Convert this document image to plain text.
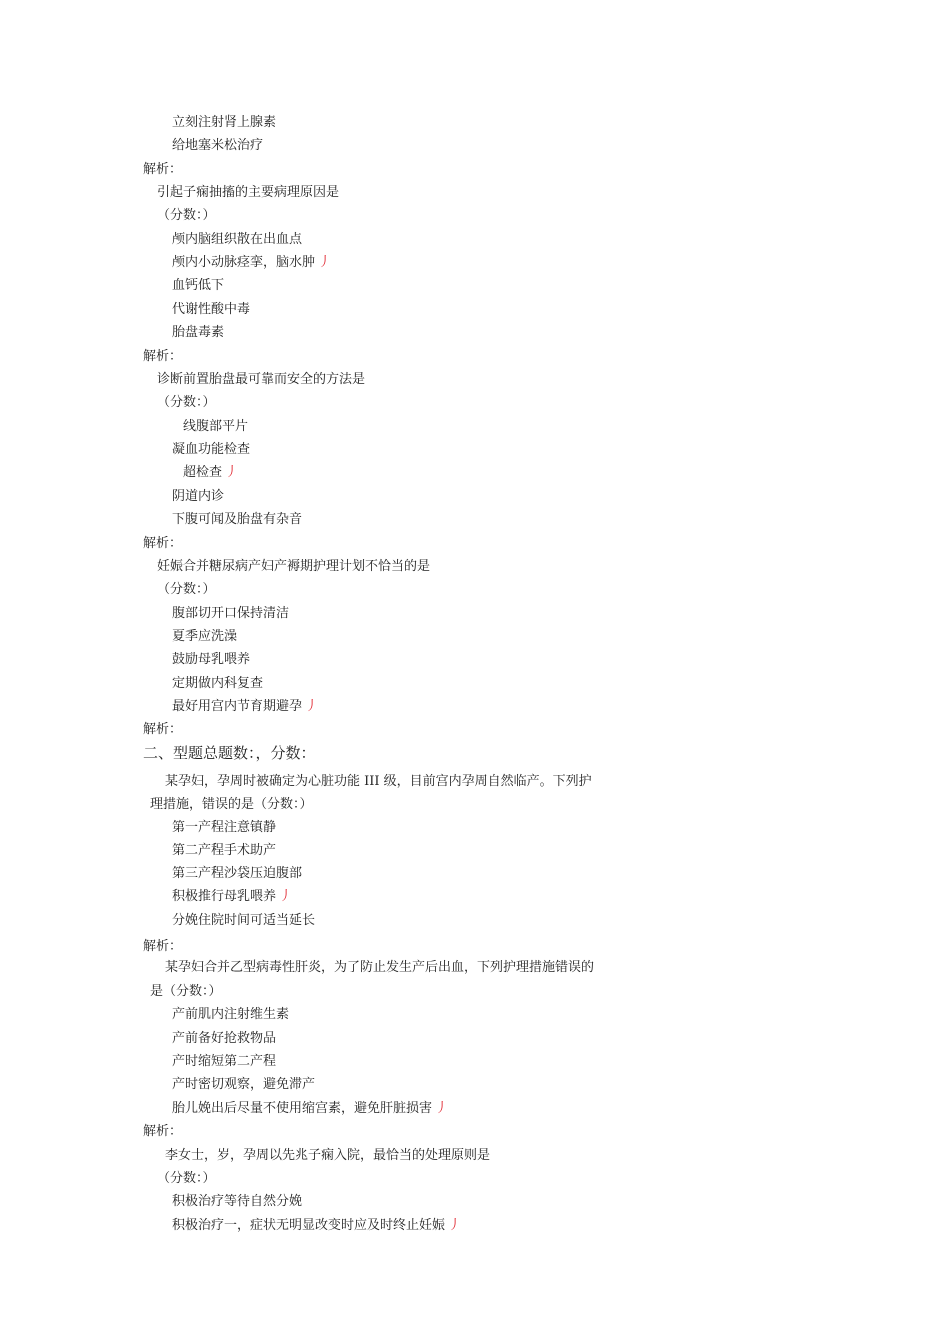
立刻注射肾上腺素
给地塞米松治疗
解析：
引起子痫抽搐的主要病理原因是
（分数：）
颅内脑组织散在出血点
颅内小动脉痉挛，脑水肿 丿
血钙低下
代谢性酸中毒
胎盘毒素
解析：
诊断前置胎盘最可靠而安全的方法是
（分数：）
线腹部平片
凝血功能检查
超检查 丿
阴道内诊
下腹可闻及胎盘有杂音
解析：
妊娠合并糖尿病产妇产褥期护理计划不恰当的是
（分数：）
腹部切开口保持清洁
夏季应洗澡
鼓励母乳喂养
定期做内科复查
最好用宫内节育期避孕 丿
解析：
二、型题总题数：，分数：
某孕妇，孕周时被确定为心脏功能 III 级，目前宫内孕周自然临产。下列护
理措施，错误的是（分数：）
第一产程注意镇静
第二产程手术助产
第三产程沙袋压迫腹部
积极推行母乳喂养 丿
分娩住院时间可适当延长
解析：
某孕妇合并乙型病毒性肝炎，为了防止发生产后出血，下列护理措施错误的
是（分数：）
产前肌内注射维生素
产前备好抢救物品
产时缩短第二产程
产时密切观察，避免滞产
胎儿娩出后尽量不使用缩宫素，避免肝脏损害 丿
解析：
李女士，岁，孕周以先兆子痫入院，最恰当的处理原则是
（分数：）
积极治疗等待自然分娩
积极治疗一，症状无明显改变时应及时终止妊娠 丿
